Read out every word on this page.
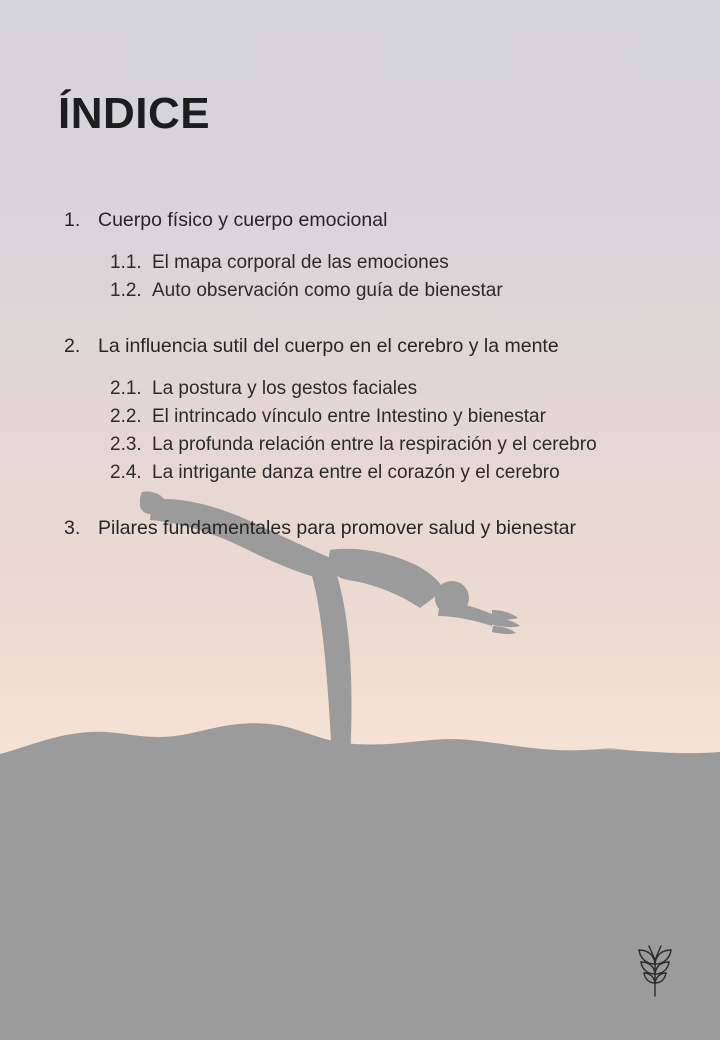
ÍNDICE
1. Cuerpo físico y cuerpo emocional
1.1. El mapa corporal de las emociones
1.2. Auto observación como guía de bienestar
2. La influencia sutil del cuerpo en el cerebro y la mente
2.1. La postura y los gestos faciales
2.2. El intrincado vínculo entre Intestino y bienestar
2.3. La profunda relación entre la respiración y el cerebro
2.4. La intrigante danza entre el corazón y el cerebro
3. Pilares fundamentales para promover salud y bienestar
